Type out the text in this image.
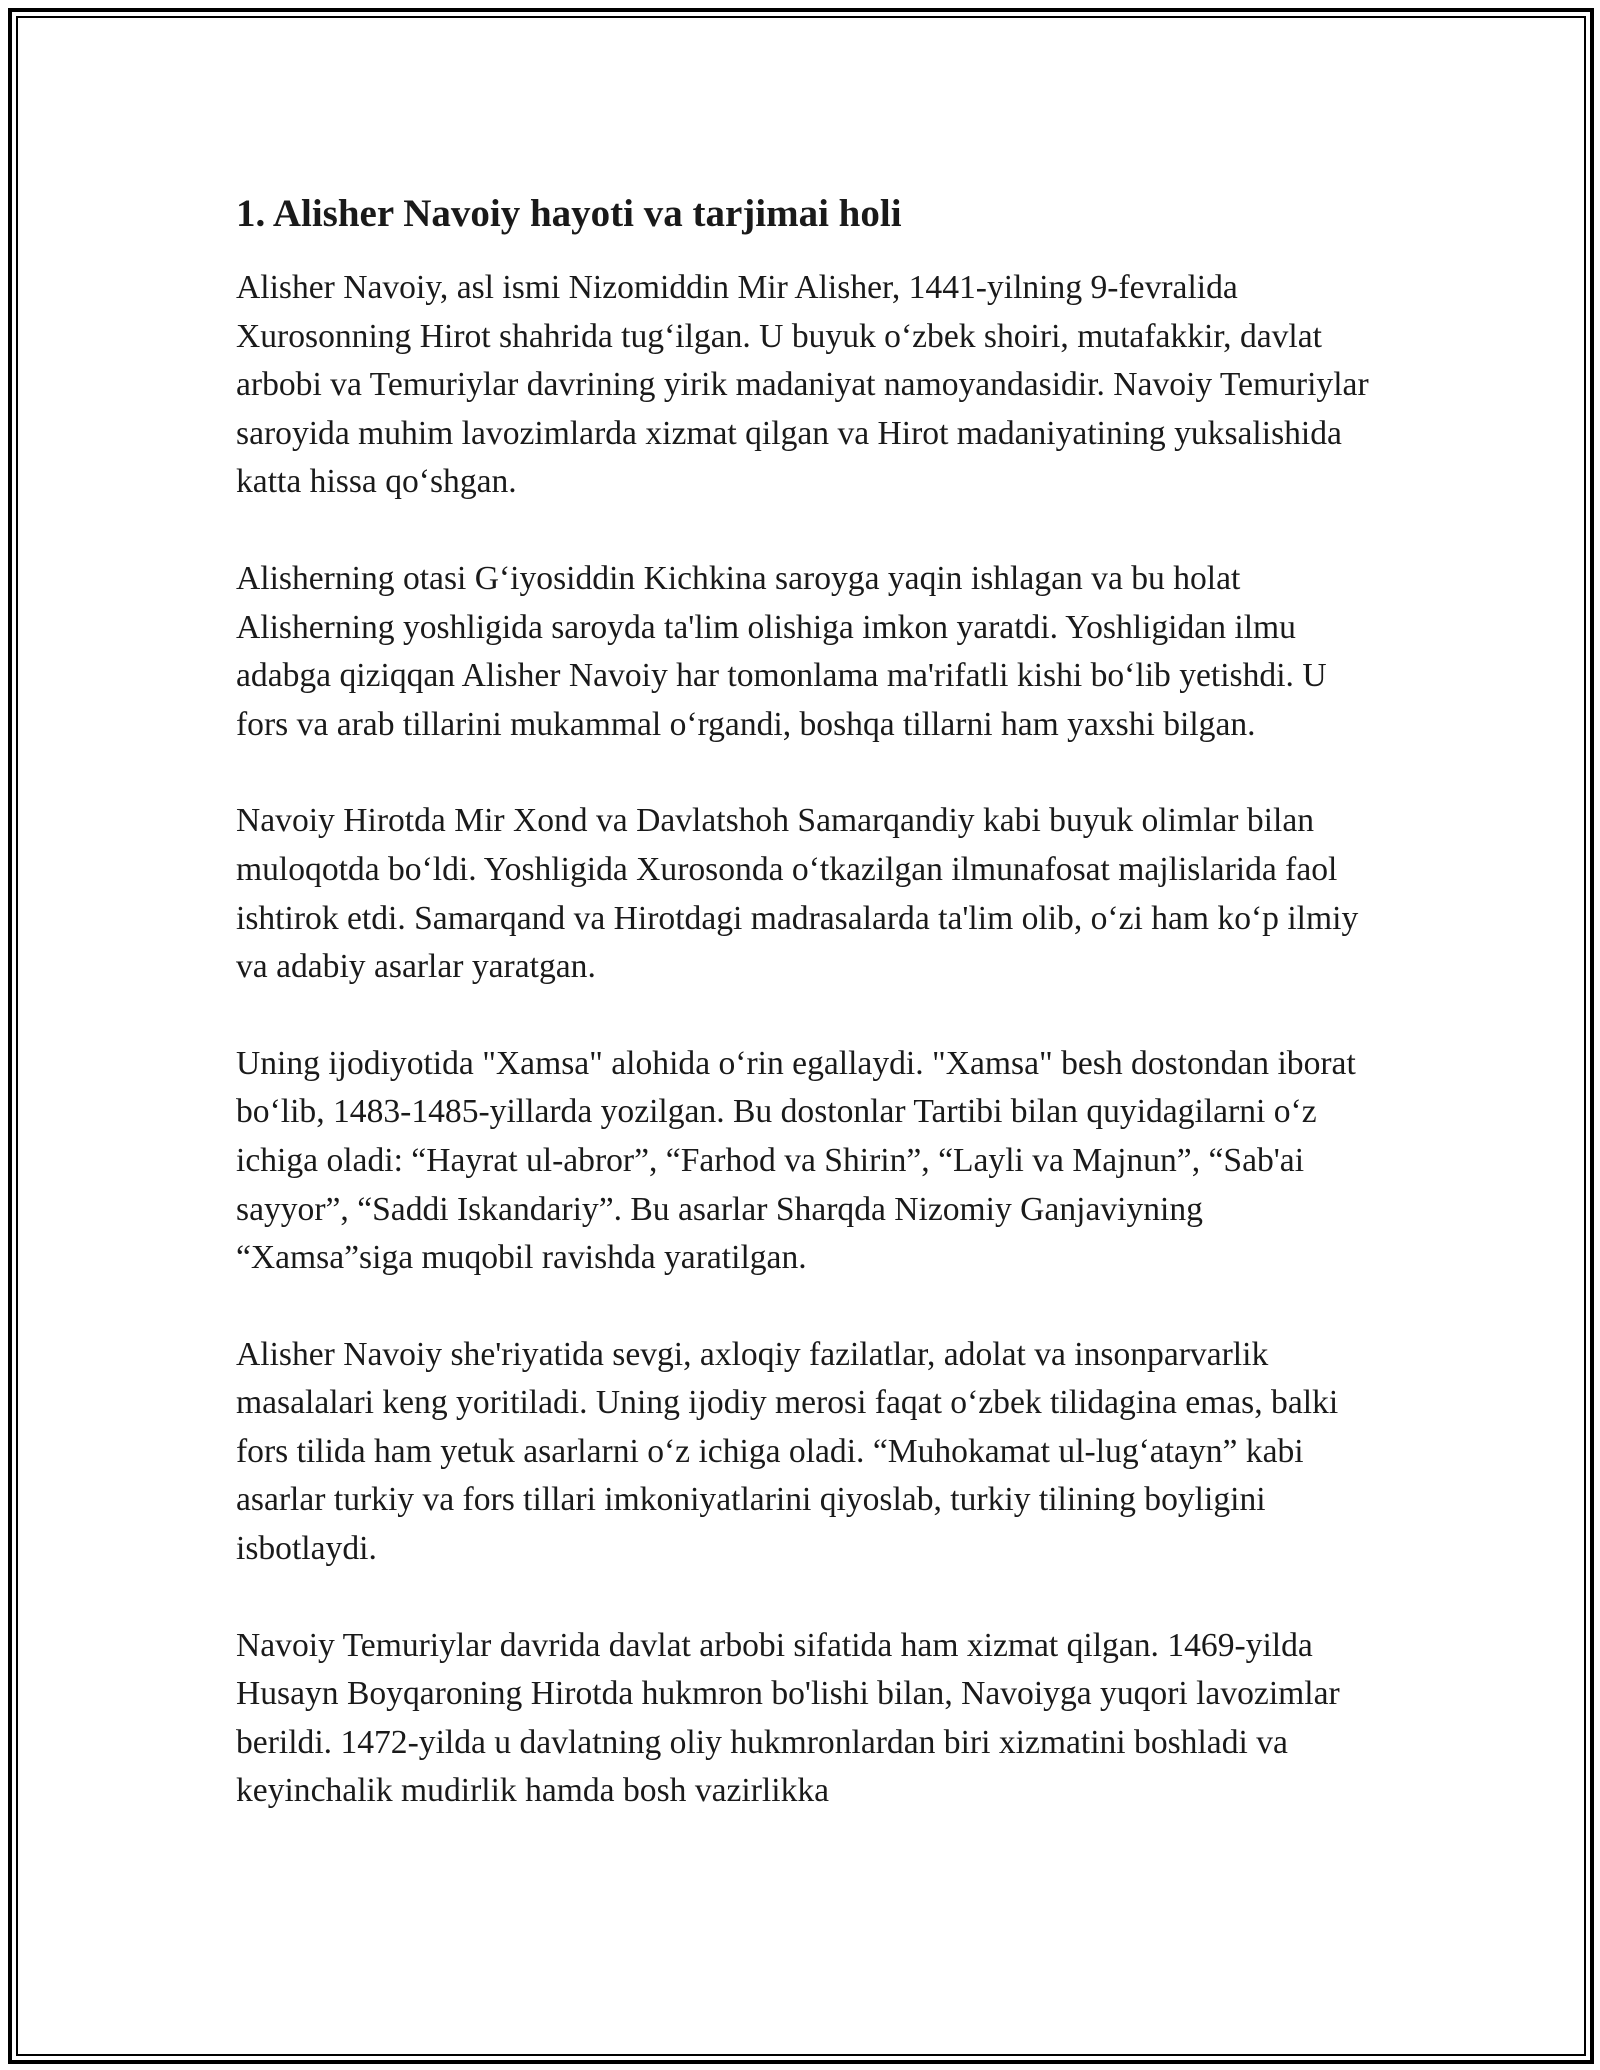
1. Alisher Navoiy hayoti va tarjimai holi

Alisher Navoiy, asl ismi Nizomiddin Mir Alisher, 1441-yilning 9-fevralida Xurosonning Hirot shahrida tug‘ilgan. U buyuk o‘zbek shoiri, mutafakkir, davlat arbobi va Temuriylar davrining yirik madaniyat namoyandasidir. Navoiy Temuriylar saroyida muhim lavozimlarda xizmat qilgan va Hirot madaniyatining yuksalishida katta hissa qo‘shgan.

Alisherning otasi G‘iyosiddin Kichkina saroyga yaqin ishlagan va bu holat Alisherning yoshligida saroyda ta'lim olishiga imkon yaratdi. Yoshligidan ilmu adabga qiziqqan Alisher Navoiy har tomonlama ma'rifatli kishi bo‘lib yetishdi. U fors va arab tillarini mukammal o‘rgandi, boshqa tillarni ham yaxshi bilgan.

Navoiy Hirotda Mir Xond va Davlatshoh Samarqandiy kabi buyuk olimlar bilan muloqotda bo‘ldi. Yoshligida Xurosonda o‘tkazilgan ilmunafosat majlislarida faol ishtirok etdi. Samarqand va Hirotdagi madrasalarda ta'lim olib, o‘zi ham ko‘p ilmiy va adabiy asarlar yaratgan.

Uning ijodiyotida "Xamsa" alohida o‘rin egallaydi. "Xamsa" besh dostondan iborat bo‘lib, 1483-1485-yillarda yozilgan. Bu dostonlar Tartibi bilan quyidagilarni o‘z ichiga oladi: “Hayrat ul-abror”, “Farhod va Shirin”, “Layli va Majnun”, “Sab'ai sayyor”, “Saddi Iskandariy”. Bu asarlar Sharqda Nizomiy Ganjaviyning “Xamsa”siga muqobil ravishda yaratilgan.

Alisher Navoiy she'riyatida sevgi, axloqiy fazilatlar, adolat va insonparvarlik masalalari keng yoritiladi. Uning ijodiy merosi faqat o‘zbek tilidagina emas, balki fors tilida ham yetuk asarlarni o‘z ichiga oladi. “Muhokamat ul-lug‘atayn” kabi asarlar turkiy va fors tillari imkoniyatlarini qiyoslab, turkiy tilining boyligini isbotlaydi.

Navoiy Temuriylar davrida davlat arbobi sifatida ham xizmat qilgan. 1469-yilda Husayn Boyqaroning Hirotda hukmron bo'lishi bilan, Navoiyga yuqori lavozimlar berildi. 1472-yilda u davlatning oliy hukmronlardan biri xizmatini boshladi va keyinchalik mudirlik hamda bosh vazirlikka
